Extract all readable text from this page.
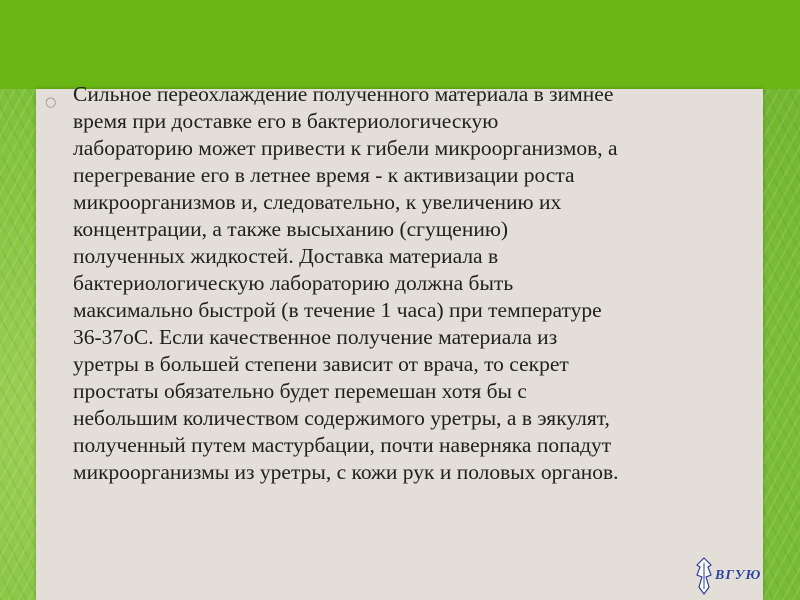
○ Сильное переохлаждение полученного материала в зимнее
время при доставке его в бактериологическую
лабораторию может привести к гибели микроорганизмов, а
перегревание его в летнее время - к активизации роста
микроорганизмов и, следовательно, к увеличению их
концентрации, а также высыханию (сгущению)
полученных жидкостей. Доставка материала в
бактериологическую лабораторию должна быть
максимально быстрой (в течение 1 часа) при температуре
36-37оС. Если качественное получение материала из
уретры в большей степени зависит от врача, то секрет
простаты обязательно будет перемешан хотя бы с
небольшим количеством содержимого уретры, а в эякулят,
полученный путем мастурбации, почти наверняка попадут
микроорганизмы из уретры, с кожи рук и половых органов.

ВГУЮ
